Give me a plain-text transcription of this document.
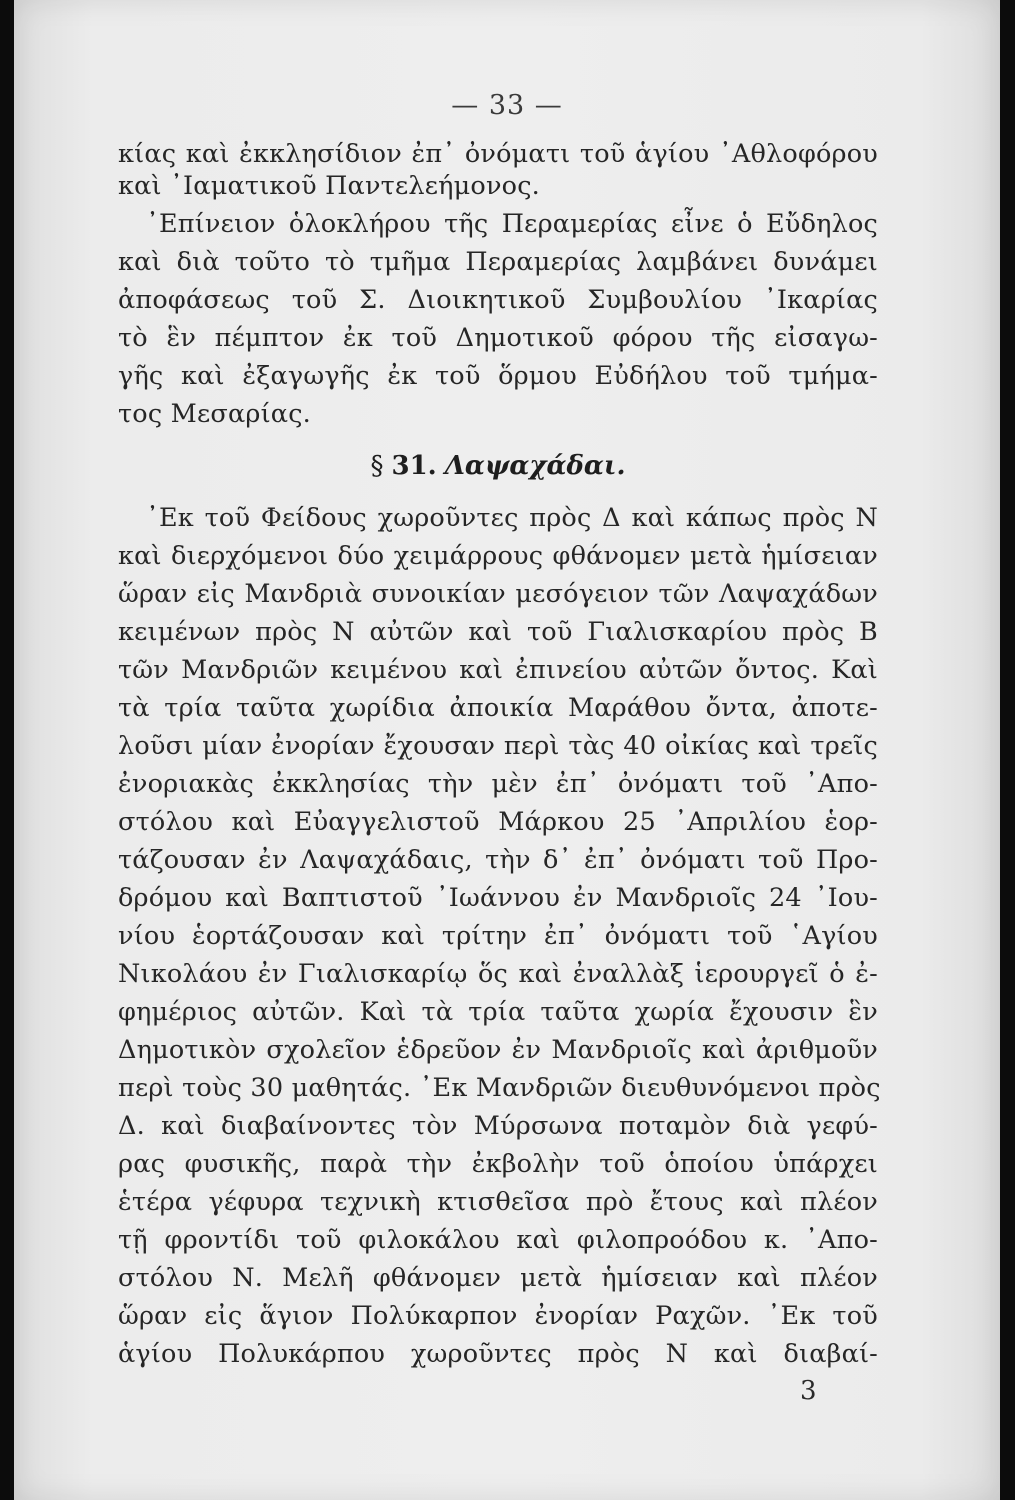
— 33 —
κίας καὶ ἐκκλησίδιον ἐπ᾽ ὀνόματι τοῦ ἁγίου ᾽Αθλοφόρου
καὶ ᾽Ιαματικοῦ Παντελεήμονος.
᾽Επίνειον ὁλοκλήρου τῆς Περαμερίας εἶνε ὁ Εὔδηλος
καὶ διὰ τοῦτο τὸ τμῆμα Περαμερίας λαμβάνει δυνάμει
ἀποφάσεως τοῦ Σ. Διοικητικοῦ Συμβουλίου ᾽Ικαρίας
τὸ ἓν πέμπτον ἐκ τοῦ Δημοτικοῦ φόρου τῆς εἰσαγω-
γῆς καὶ ἐξαγωγῆς ἐκ τοῦ ὅρμου Εὐδήλου τοῦ τμήμα-
τος Μεσαρίας.
§ 31. Λαψαχάδαι.
᾽Εκ τοῦ Φείδους χωροῦντες πρὸς Δ καὶ κάπως πρὸς Ν
καὶ διερχόμενοι δύο χειμάρρους φθάνομεν μετὰ ἡμίσειαν
ὥραν εἰς Μανδριὰ συνοικίαν μεσόγειον τῶν Λαψαχάδων
κειμένων πρὸς Ν αὐτῶν καὶ τοῦ Γιαλισκαρίου πρὸς Β
τῶν Μανδριῶν κειμένου καὶ ἐπινείου αὐτῶν ὄντος. Καὶ
τὰ τρία ταῦτα χωρίδια ἀποικία Μαράθου ὄντα, ἀποτε-
λοῦσι μίαν ἐνορίαν ἔχουσαν περὶ τὰς 40 οἰκίας καὶ τρεῖς
ἐνοριακὰς ἐκκλησίας τὴν μὲν ἐπ᾽ ὀνόματι τοῦ ᾽Απο-
στόλου καὶ Εὐαγγελιστοῦ Μάρκου 25 ᾽Απριλίου ἑορ-
τάζουσαν ἐν Λαψαχάδαις, τὴν δ᾽ ἐπ᾽ ὀνόματι τοῦ Προ-
δρόμου καὶ Βαπτιστοῦ ᾽Ιωάννου ἐν Μανδριοῖς 24 ᾽Ιου-
νίου ἑορτάζουσαν καὶ τρίτην ἐπ᾽ ὀνόματι τοῦ ῾Αγίου
Νικολάου ἐν Γιαλισκαρίῳ ὅς καὶ ἐναλλὰξ ἱερουργεῖ ὁ ἐ-
φημέριος αὐτῶν. Καὶ τὰ τρία ταῦτα χωρία ἔχουσιν ἓν
Δημοτικὸν σχολεῖον ἑδρεῦον ἐν Μανδριοῖς καὶ ἀριθμοῦν
περὶ τοὺς 30 μαθητάς. ᾽Εκ Μανδριῶν διευθυνόμενοι πρὸς
Δ. καὶ διαβαίνοντες τὸν Μύρσωνα ποταμὸν διὰ γεφύ-
ρας φυσικῆς, παρὰ τὴν ἐκβολὴν τοῦ ὁποίου ὑπάρχει
ἑτέρα γέφυρα τεχνικὴ κτισθεῖσα πρὸ ἔτους καὶ πλέον
τῇ φροντίδι τοῦ φιλοκάλου καὶ φιλοπροόδου κ. ᾽Απο-
στόλου Ν. Μελῆ φθάνομεν μετὰ ἡμίσειαν καὶ πλέον
ὥραν εἰς ἅγιον Πολύκαρπον ἐνορίαν Ραχῶν. ᾽Εκ τοῦ
ἁγίου Πολυκάρπου χωροῦντες πρὸς Ν καὶ διαβαί-
3
